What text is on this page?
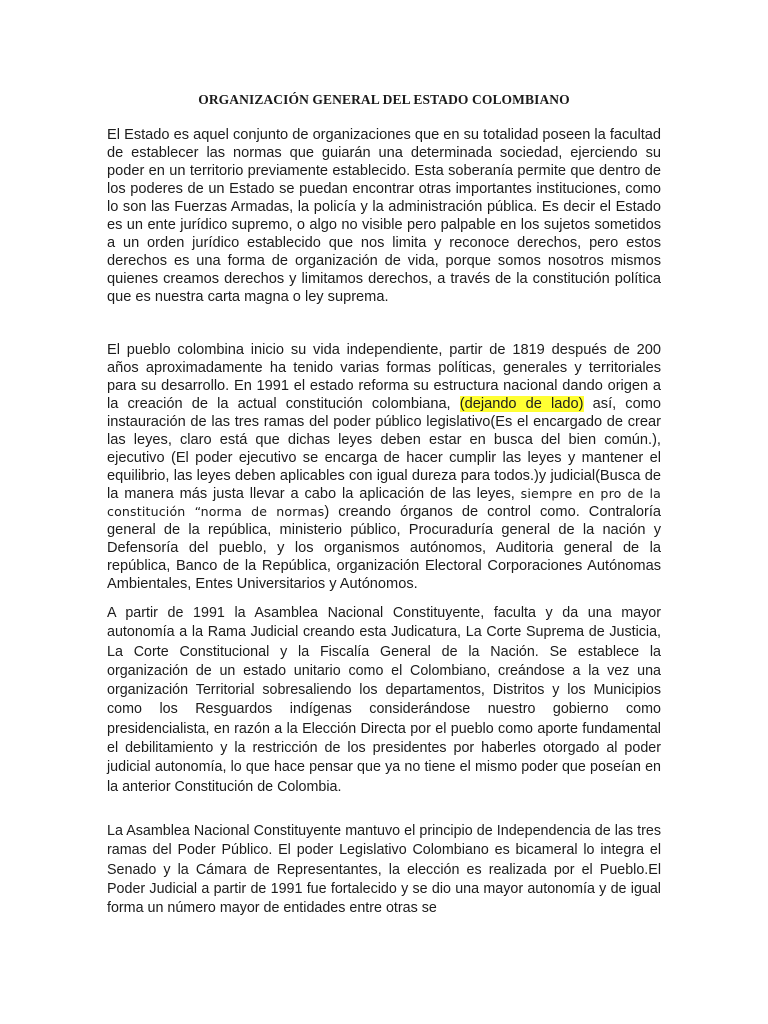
ORGANIZACIÓN GENERAL DEL ESTADO COLOMBIANO

El Estado es aquel conjunto de organizaciones que en su totalidad poseen la facultad de establecer las normas que guiarán una determinada sociedad, ejerciendo su poder en un territorio previamente establecido. Esta soberanía permite que dentro de los poderes de un Estado se puedan encontrar otras importantes instituciones, como lo son las Fuerzas Armadas, la policía y la administración pública. Es decir el Estado es un ente jurídico supremo, o algo no visible pero palpable en los sujetos sometidos a un orden jurídico establecido que nos limita y reconoce derechos, pero estos derechos es una forma de organización de vida, porque somos nosotros mismos quienes creamos derechos y limitamos derechos, a través de la constitución política que es nuestra carta magna o ley suprema.

El pueblo colombina inicio su vida independiente, partir de 1819 después de 200 años aproximadamente ha tenido varias formas políticas, generales y territoriales para su desarrollo. En 1991 el estado reforma su estructura nacional dando origen a la creación de la actual constitución colombiana, (dejando de lado) así, como instauración de las tres ramas del poder público legislativo(Es el encargado de crear las leyes, claro está que dichas leyes deben estar en busca del bien común.), ejecutivo (El poder ejecutivo se encarga de hacer cumplir las leyes y mantener el equilibrio, las leyes deben aplicables con igual dureza para todos.)y judicial(Busca de la manera más justa llevar a cabo la aplicación de las leyes, siempre en pro de la constitución “norma de normas) creando órganos de control como. Contraloría general de la república, ministerio público, Procuraduría general de la nación y Defensoría del pueblo, y los organismos autónomos, Auditoria general de la república, Banco de la República, organización Electoral Corporaciones Autónomas Ambientales, Entes Universitarios y Autónomos.

A partir de 1991 la Asamblea Nacional Constituyente, faculta y da una mayor autonomía a la Rama Judicial creando esta Judicatura, La Corte Suprema de Justicia, La Corte Constitucional y la Fiscalía General de la Nación. Se establece la organización de un estado unitario como el Colombiano, creándose a la vez una organización Territorial sobresaliendo los departamentos, Distritos y los Municipios como los Resguardos indígenas considerándose nuestro gobierno como presidencialista, en razón a la Elección Directa por el pueblo como aporte fundamental el debilitamiento y la restricción de los presidentes por haberles otorgado al poder judicial autonomía, lo que hace pensar que ya no tiene el mismo poder que poseían en la anterior Constitución de Colombia.

La Asamblea Nacional Constituyente mantuvo el principio de Independencia de las tres ramas del Poder Público. El poder Legislativo Colombiano es bicameral lo integra el Senado y la Cámara de Representantes, la elección es realizada por el Pueblo.El Poder Judicial a partir de 1991 fue fortalecido y se dio una mayor autonomía y de igual forma un número mayor de entidades entre otras se
